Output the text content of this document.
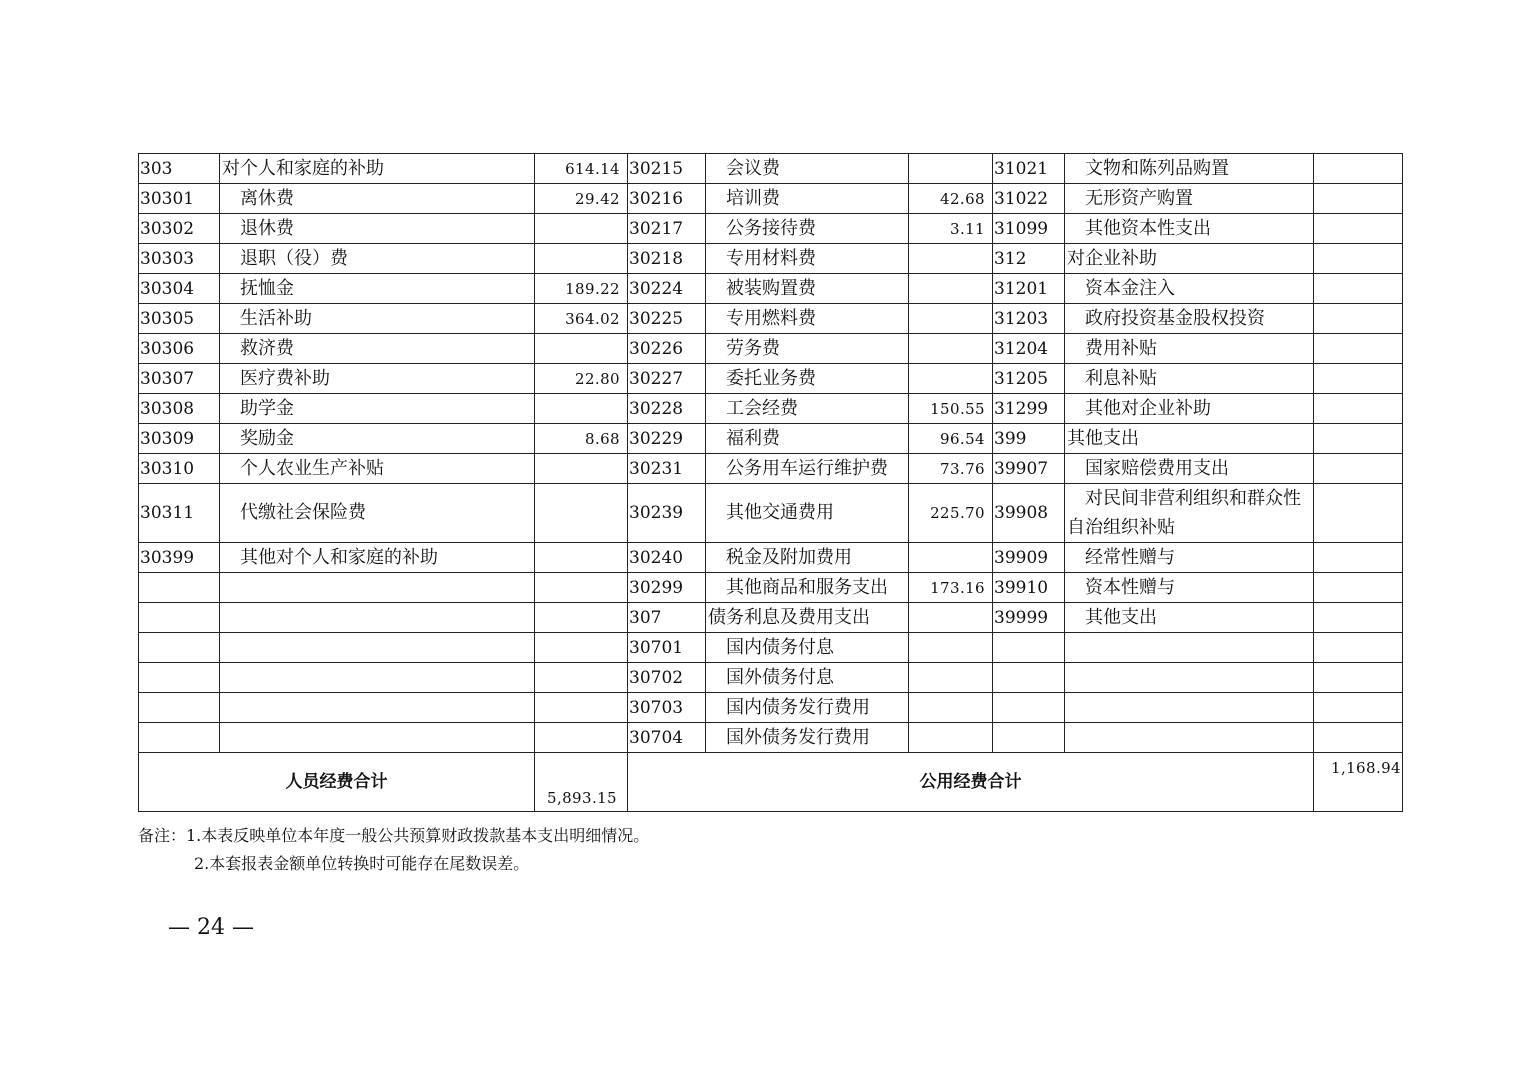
303	对个人和家庭的补助	614.14	30215	会议费		31021	文物和陈列品购置	
30301	离休费	29.42	30216	培训费	42.68	31022	无形资产购置	
30302	退休费		30217	公务接待费	3.11	31099	其他资本性支出	
30303	退职（役）费		30218	专用材料费		312	对企业补助	
30304	抚恤金	189.22	30224	被装购置费		31201	资本金注入	
30305	生活补助	364.02	30225	专用燃料费		31203	政府投资基金股权投资	
30306	救济费		30226	劳务费		31204	费用补贴	
30307	医疗费补助	22.80	30227	委托业务费		31205	利息补贴	
30308	助学金		30228	工会经费	150.55	31299	其他对企业补助	
30309	奖励金	8.68	30229	福利费	96.54	399	其他支出	
30310	个人农业生产补贴		30231	公务用车运行维护费	73.76	39907	国家赔偿费用支出	
30311	代缴社会保险费		30239	其他交通费用	225.70	39908	对民间非营利组织和群众性自治组织补贴	
30399	其他对个人和家庭的补助		30240	税金及附加费用		39909	经常性赠与	
			30299	其他商品和服务支出	173.16	39910	资本性赠与	
			307	债务利息及费用支出		39999	其他支出	
			30701	国内债务付息				
			30702	国外债务付息				
			30703	国内债务发行费用				
			30704	国外债务发行费用				
人员经费合计		5,893.15	公用经费合计					1,168.94
备注：1.本表反映单位本年度一般公共预算财政拨款基本支出明细情况。
2.本套报表金额单位转换时可能存在尾数误差。
— 24 —
